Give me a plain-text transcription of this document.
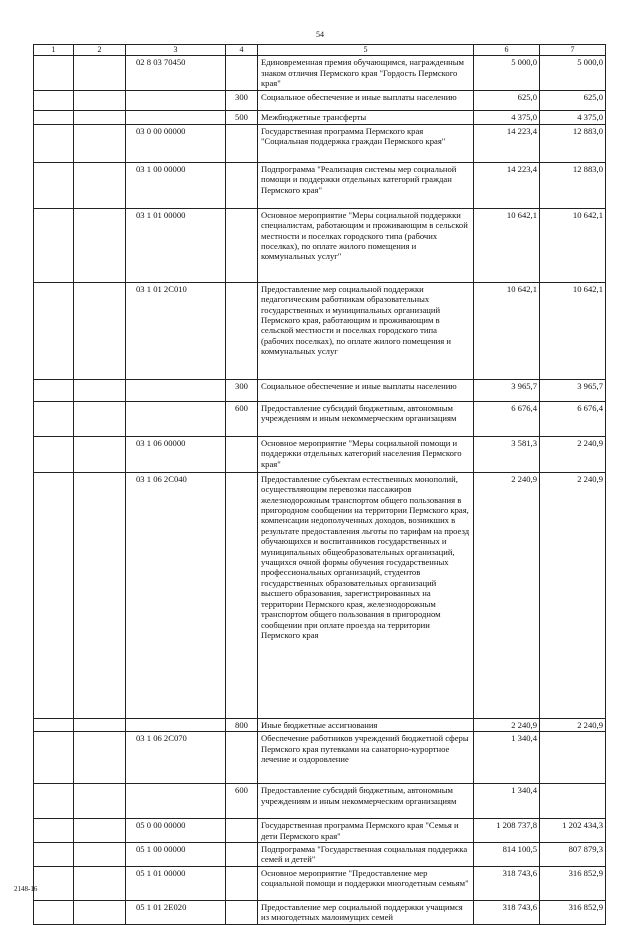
54
1	2	3	4	5	6	7
		02 8 03 70450		Единовременная премия обучающимся, награжденным знаком отличия Пермского края "Гордость Пермского края"	5 000,0	5 000,0
			300	Социальное обеспечение и иные выплаты населению	625,0	625,0
			500	Межбюджетные трансферты	4 375,0	4 375,0
		03 0 00 00000		Государственная программа Пермского края "Социальная поддержка граждан Пермского края"	14 223,4	12 883,0
		03 1 00 00000		Подпрограмма "Реализация системы мер социальной помощи и поддержки отдельных категорий граждан Пермского края"	14 223,4	12 883,0
		03 1 01 00000		Основное мероприятие "Меры социальной поддержки специалистам, работающим и проживающим в сельской местности и поселках городского типа (рабочих поселках), по оплате жилого помещения и коммунальных услуг"	10 642,1	10 642,1
		03 1 01 2С010		Предоставление мер социальной поддержки педагогическим работникам образовательных государственных и муниципальных организаций Пермского края, работающим и проживающим в сельской местности и поселках городского типа (рабочих поселках), по оплате жилого помещения и коммунальных услуг	10 642,1	10 642,1
			300	Социальное обеспечение и иные выплаты населению	3 965,7	3 965,7
			600	Предоставление субсидий бюджетным, автономным учреждениям и иным некоммерческим организациям	6 676,4	6 676,4
		03 1 06 00000		Основное мероприятие "Меры социальной помощи и поддержки отдельных категорий населения Пермского края"	3 581,3	2 240,9
		03 1 06 2С040		Предоставление субъектам естественных монополий, осуществляющим перевозки пассажиров железнодорожным транспортом общего пользования в пригородном сообщении на территории Пермского края, компенсации недополученных доходов, возникших в результате предоставления льготы по тарифам на проезд обучающихся и воспитанников государственных и муниципальных общеобразовательных организаций, учащихся очной формы обучения государственных профессиональных организаций, студентов государственных образовательных организаций высшего образования, зарегистрированных на территории Пермского края, железнодорожным транспортом общего пользования в пригородном сообщении при оплате проезда на территории Пермского края	2 240,9	2 240,9
			800	Иные бюджетные ассигнования	2 240,9	2 240,9
		03 1 06 2С070		Обеспечение работников учреждений бюджетной сферы Пермского края путевками на санаторно-курортное лечение и оздоровление	1 340,4	
			600	Предоставление субсидий бюджетным, автономным учреждениям и иным некоммерческим организациям	1 340,4	
		05 0 00 00000		Государственная программа Пермского края "Семья и дети Пермского края"	1 208 737,8	1 202 434,3
		05 1 00 00000		Подпрограмма "Государственная социальная поддержка семей и детей"	814 100,5	807 879,3
		05 1 01 00000		Основное мероприятие "Предоставление мер социальной помощи и поддержки многодетным семьям"	318 743,6	316 852,9
		05 1 01 2Е020		Предоставление мер социальной поддержки учащимся из многодетных малоимущих семей	318 743,6	316 852,9
2148-16
